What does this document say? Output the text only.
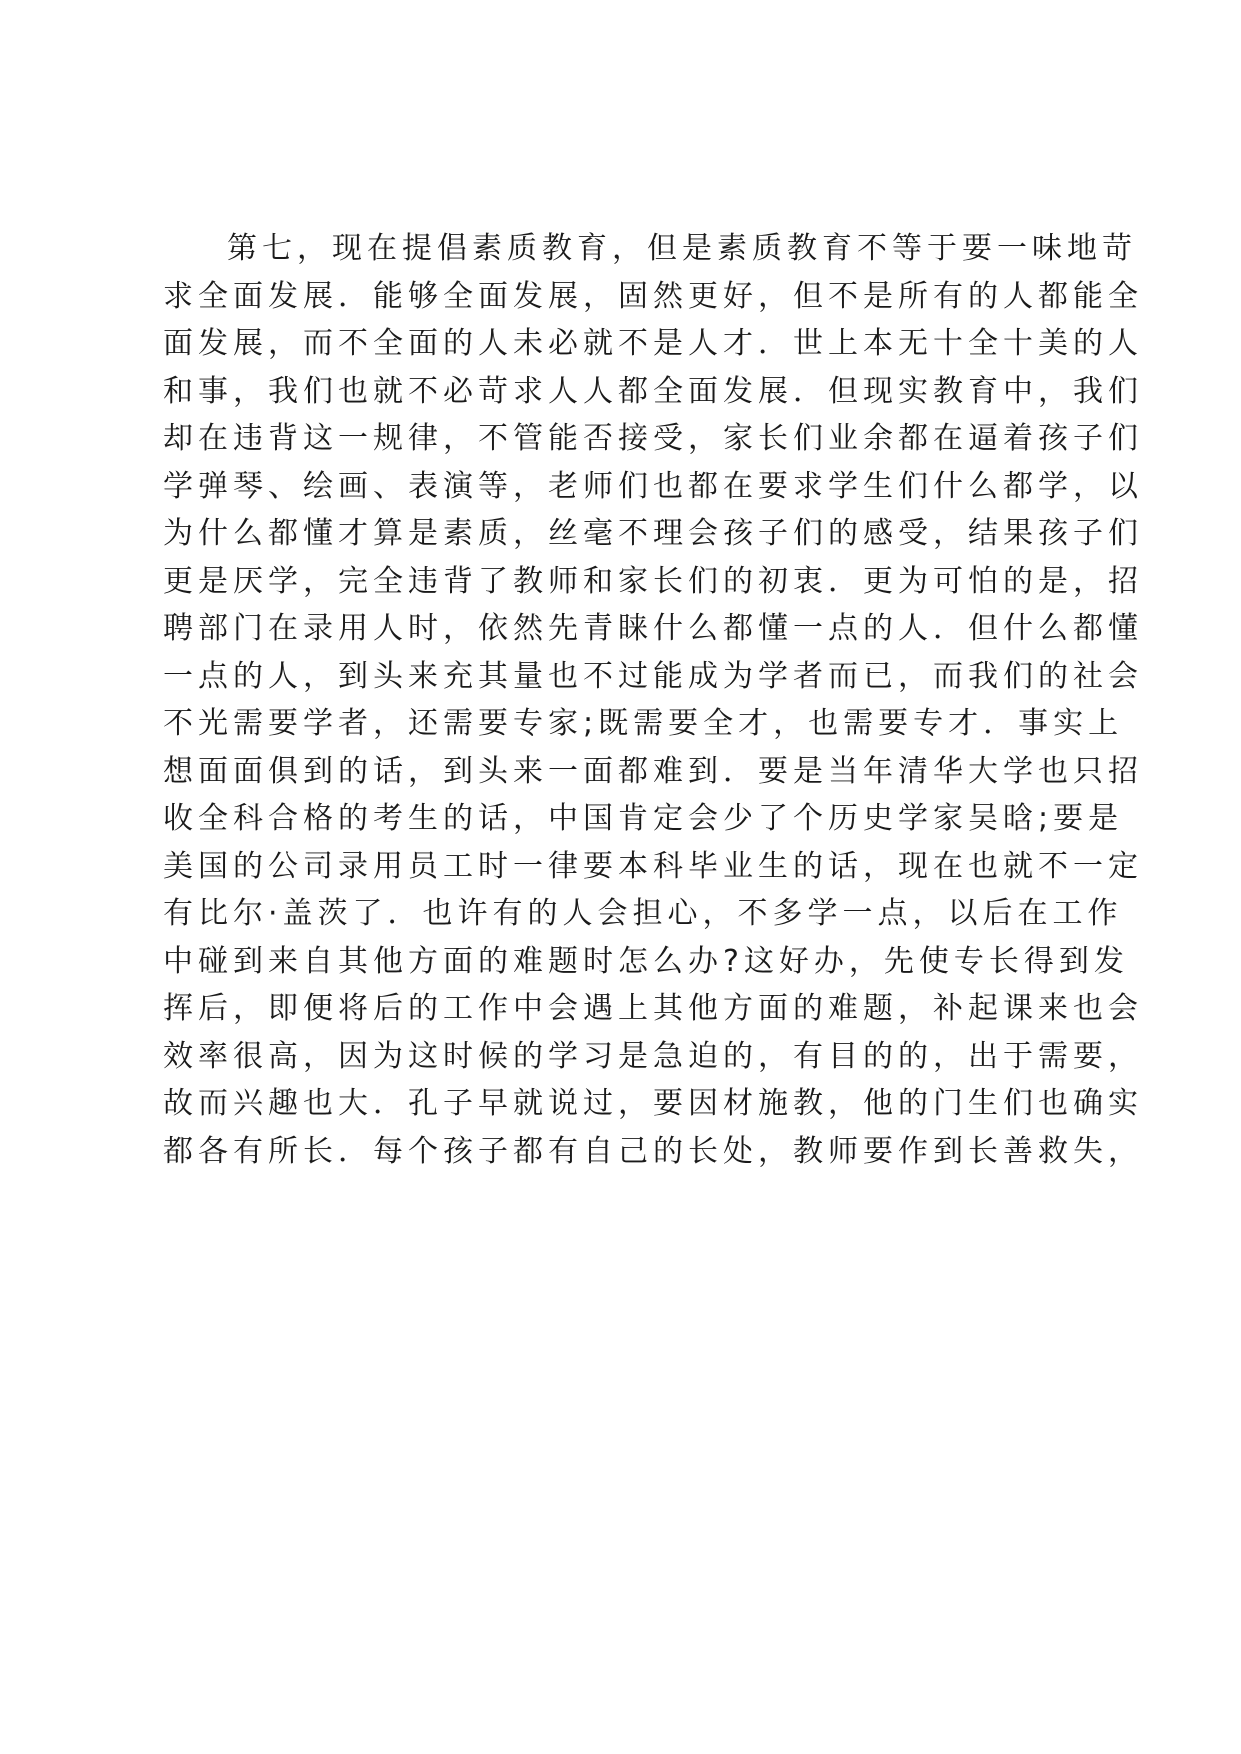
第七，现在提倡素质教育，但是素质教育不等于要一味地苛
求全面发展．能够全面发展，固然更好，但不是所有的人都能全
面发展，而不全面的人未必就不是人才．世上本无十全十美的人
和事，我们也就不必苛求人人都全面发展．但现实教育中，我们
却在违背这一规律，不管能否接受，家长们业余都在逼着孩子们
学弹琴、绘画、表演等，老师们也都在要求学生们什么都学，以
为什么都懂才算是素质，丝毫不理会孩子们的感受，结果孩子们
更是厌学，完全违背了教师和家长们的初衷．更为可怕的是，招
聘部门在录用人时，依然先青睐什么都懂一点的人．但什么都懂
一点的人，到头来充其量也不过能成为学者而已，而我们的社会
不光需要学者，还需要专家;既需要全才，也需要专才．事实上
想面面俱到的话，到头来一面都难到．要是当年清华大学也只招
收全科合格的考生的话，中国肯定会少了个历史学家吴晗;要是
美国的公司录用员工时一律要本科毕业生的话，现在也就不一定
有比尔·盖茨了．也许有的人会担心，不多学一点，以后在工作
中碰到来自其他方面的难题时怎么办?这好办，先使专长得到发
挥后，即便将后的工作中会遇上其他方面的难题，补起课来也会
效率很高，因为这时候的学习是急迫的，有目的的，出于需要，
故而兴趣也大．孔子早就说过，要因材施教，他的门生们也确实
都各有所长．每个孩子都有自己的长处，教师要作到长善救失，
